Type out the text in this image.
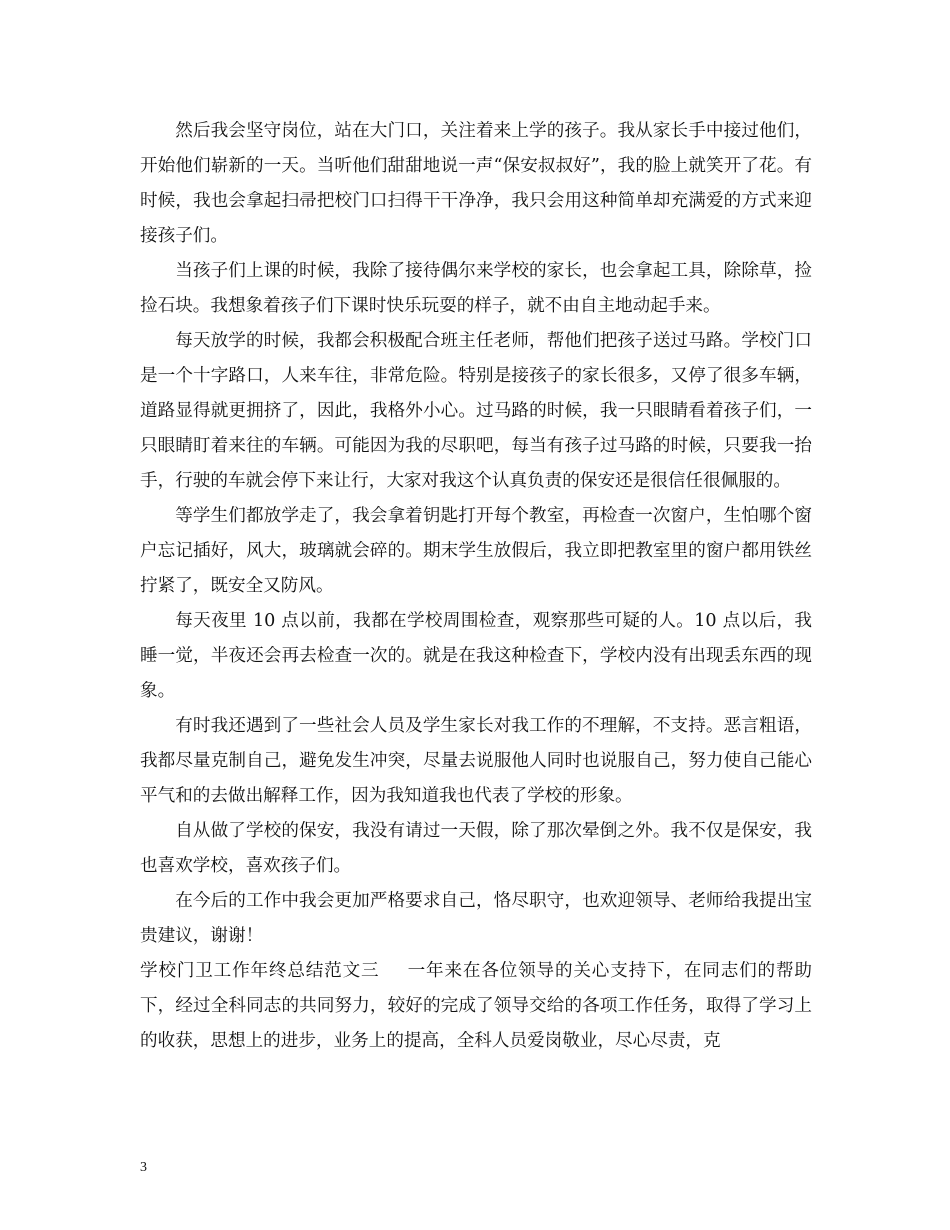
然后我会坚守岗位，站在大门口，关注着来上学的孩子。我从家长手中接过他们，开始他们崭新的一天。当听他们甜甜地说一声“保安叔叔好”，我的脸上就笑开了花。有时候，我也会拿起扫帚把校门口扫得干干净净，我只会用这种简单却充满爱的方式来迎接孩子们。

当孩子们上课的时候，我除了接待偶尔来学校的家长，也会拿起工具，除除草，捡捡石块。我想象着孩子们下课时快乐玩耍的样子，就不由自主地动起手来。

每天放学的时候，我都会积极配合班主任老师，帮他们把孩子送过马路。学校门口是一个十字路口，人来车往，非常危险。特别是接孩子的家长很多，又停了很多车辆，道路显得就更拥挤了，因此，我格外小心。过马路的时候，我一只眼睛看着孩子们，一只眼睛盯着来往的车辆。可能因为我的尽职吧，每当有孩子过马路的时候，只要我一抬手，行驶的车就会停下来让行，大家对我这个认真负责的保安还是很信任很佩服的。

等学生们都放学走了，我会拿着钥匙打开每个教室，再检查一次窗户，生怕哪个窗户忘记插好，风大，玻璃就会碎的。期末学生放假后，我立即把教室里的窗户都用铁丝拧紧了，既安全又防风。

每天夜里 10 点以前，我都在学校周围检查，观察那些可疑的人。10 点以后，我睡一觉，半夜还会再去检查一次的。就是在我这种检查下，学校内没有出现丢东西的现象。

有时我还遇到了一些社会人员及学生家长对我工作的不理解，不支持。恶言粗语，我都尽量克制自己，避免发生冲突，尽量去说服他人同时也说服自己，努力使自己能心平气和的去做出解释工作，因为我知道我也代表了学校的形象。

自从做了学校的保安，我没有请过一天假，除了那次晕倒之外。我不仅是保安，我也喜欢学校，喜欢孩子们。

在今后的工作中我会更加严格要求自己，恪尽职守，也欢迎领导、老师给我提出宝贵建议，谢谢！

学校门卫工作年终总结范文三 一年来在各位领导的关心支持下，在同志们的帮助下，经过全科同志的共同努力，较好的完成了领导交给的各项工作任务，取得了学习上的收获，思想上的进步，业务上的提高，全科人员爱岗敬业，尽心尽责，克

3
